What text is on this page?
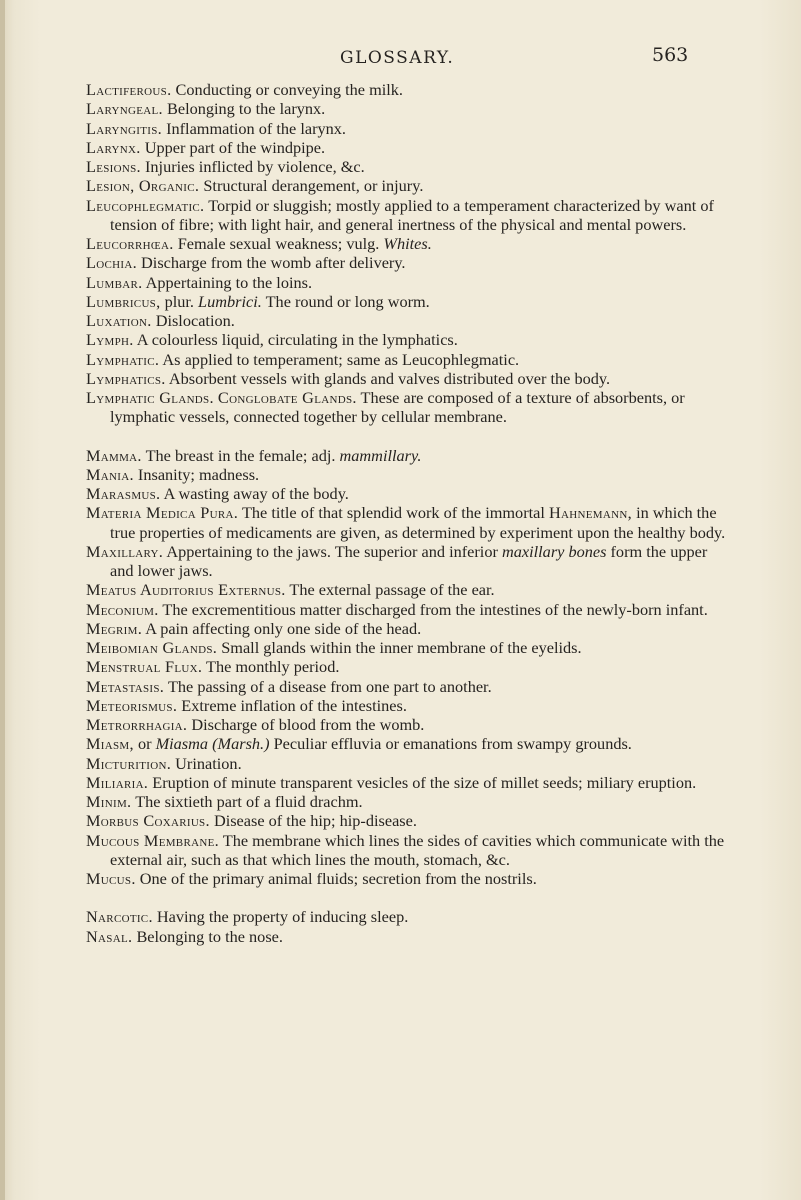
GLOSSARY.	563

Lactiferous. Conducting or conveying the milk.

Laryngeal. Belonging to the larynx.

Laryngitis. Inflammation of the larynx.

Larynx. Upper part of the windpipe.

Lesions. Injuries inflicted by violence, &c.

Lesion, Organic. Structural derangement, or injury.

Leucophlegmatic. Torpid or sluggish; mostly applied to a temperament characterized by want of tension of fibre; with light hair, and general inertness of the physical and mental powers.

Leucorrhœa. Female sexual weakness; vulg. Whites.

Lochia. Discharge from the womb after delivery.

Lumbar. Appertaining to the loins.

Lumbricus, plur. Lumbrici. The round or long worm.

Luxation. Dislocation.

Lymph. A colourless liquid, circulating in the lymphatics.

Lymphatic. As applied to temperament; same as Leucophlegmatic.

Lymphatics. Absorbent vessels with glands and valves distributed over the body.

Lymphatic Glands. Conglobate Glands. These are composed of a texture of absorbents, or lymphatic vessels, connected together by cellular membrane.

Mamma. The breast in the female; adj. mammillary.

Mania. Insanity; madness.

Marasmus. A wasting away of the body.

Materia Medica Pura. The title of that splendid work of the immortal Hahnemann, in which the true properties of medicaments are given, as determined by experiment upon the healthy body.

Maxillary. Appertaining to the jaws. The superior and inferior maxillary bones form the upper and lower jaws.

Meatus Auditorius Externus. The external passage of the ear.

Meconium. The excrementitious matter discharged from the intestines of the newly-born infant.

Megrim. A pain affecting only one side of the head.

Meibomian Glands. Small glands within the inner membrane of the eyelids.

Menstrual Flux. The monthly period.

Metastasis. The passing of a disease from one part to another.

Meteorismus. Extreme inflation of the intestines.

Metrorrhagia. Discharge of blood from the womb.

Miasm, or Miasma (Marsh.) Peculiar effluvia or emanations from swampy grounds.

Micturition. Urination.

Miliaria. Eruption of minute transparent vesicles of the size of millet seeds; miliary eruption.

Minim. The sixtieth part of a fluid drachm.

Morbus Coxarius. Disease of the hip; hip-disease.

Mucous Membrane. The membrane which lines the sides of cavities which communicate with the external air, such as that which lines the mouth, stomach, &c.

Mucus. One of the primary animal fluids; secretion from the nostrils.

Narcotic. Having the property of inducing sleep.

Nasal. Belonging to the nose.
